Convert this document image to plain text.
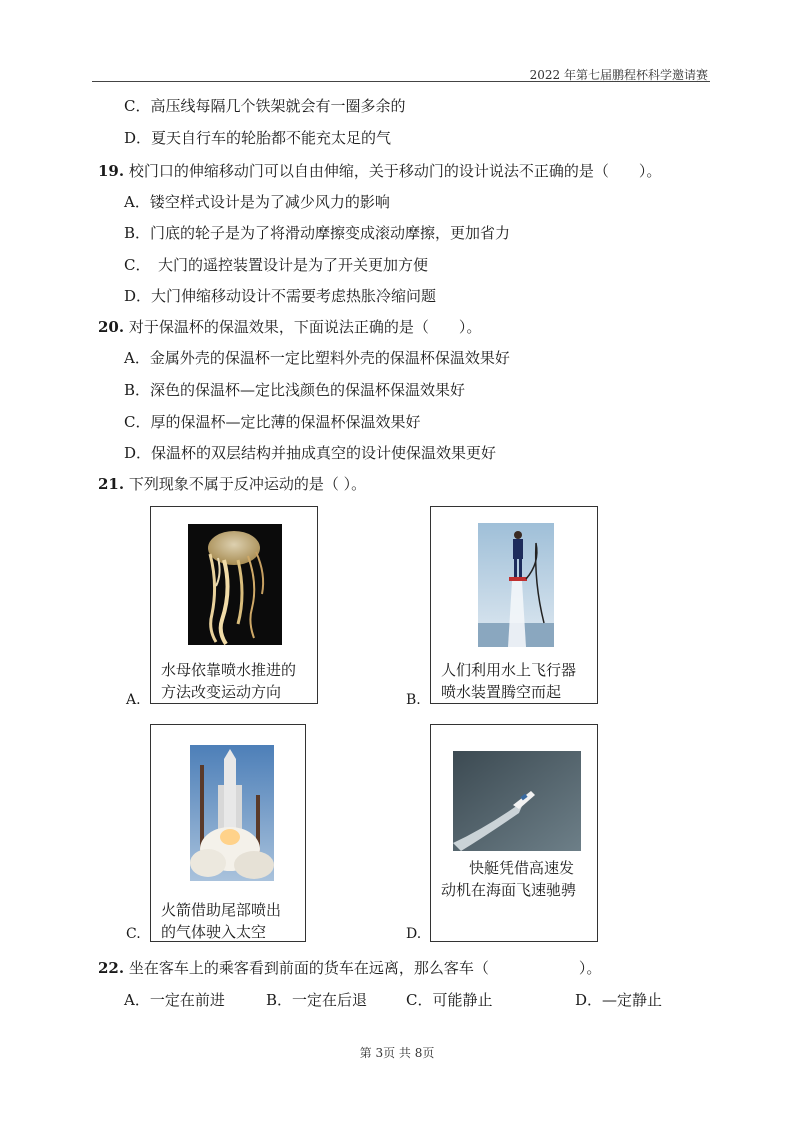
2022 年第七届鹏程杯科学邀请赛
C．高压线每隔几个铁架就会有一圈多余的
D．夏天自行车的轮胎都不能充太足的气
19. 校门口的伸缩移动门可以自由伸缩，关于移动门的设计说法不正确的是（　　）。
A．镂空样式设计是为了减少风力的影响
B．门底的轮子是为了将滑动摩擦变成滚动摩擦，更加省力
C．　大门的遥控装置设计是为了开关更加方便
D．大门伸缩移动设计不需要考虑热胀冷缩问题
20. 对于保温杯的保温效果，下面说法正确的是（　　）。
A．金属外壳的保温杯一定比塑料外壳的保温杯保温效果好
B．深色的保温杯—定比浅颜色的保温杯保温效果好
C．厚的保温杯—定比薄的保温杯保温效果好
D．保温杯的双层结构并抽成真空的设计使保温效果更好
21. 下列现象不属于反冲运动的是（ ）。
A.
水母依靠喷水推进的
方法改变运动方向	B.
人们利用水上飞行器
喷水装置腾空而起
C.
火箭借助尾部喷出
的气体驶入太空	D.
快艇凭借高速发
动机在海面飞速驰骋
22. 坐在客车上的乘客看到前面的货车在远离，那么客车（　　　　　　）。
A．一定在前进	B．一定在后退	C．可能静止	D．—定静止
第 3页 共 8页
